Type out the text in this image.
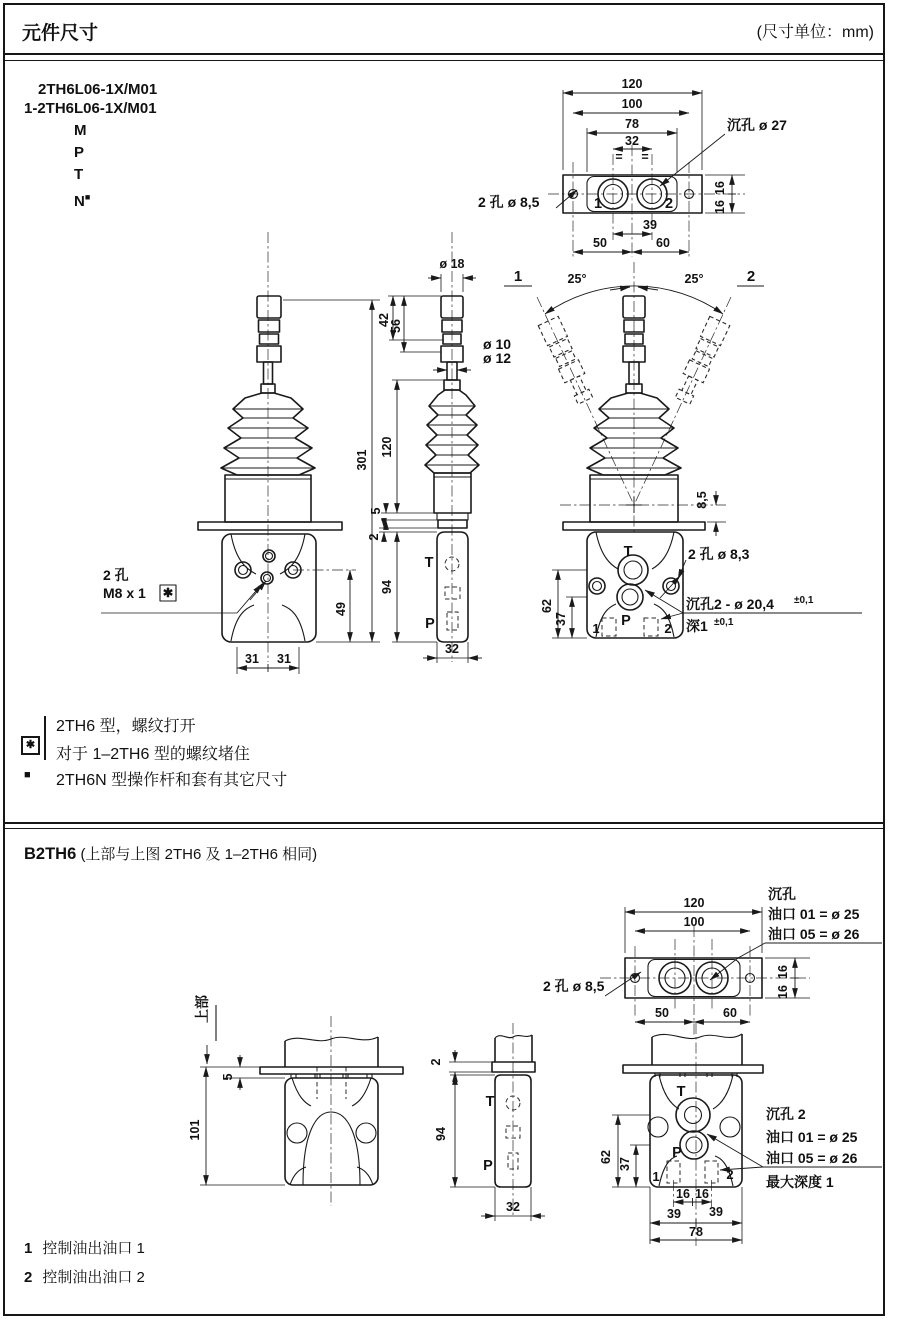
元件尺寸	(尺寸单位：mm)
2TH6L06-1X/M01
1-2TH6L06-1X/M01
M
P
T
N■
120
100
78
32
= =
39
50	60
16
16
沉孔 ø 27
2 孔 ø 8,5	1	2
2 孔
M8 x 1 ✱
49
31 31
301
ø 18
42
56
ø 10
ø 12
120
5
2
94
32
T
P
1	2
25°	25°
8,5
T
P
2 孔 ø 8,3
沉孔2 - ø 20,4 ±0,1
深1 ±0,1
62
37
1	2
✱
2TH6 型，螺纹打开
对于 1–2TH6 型的螺纹堵住
■ 2TH6N 型操作杆和套有其它尺寸
B2TH6 (上部与上图 2TH6 及 1–2TH6 相同)
120
100
50	60
16
16
2 孔 ø 8,5
沉孔
油口 01 = ø 25
油口 05 = ø 26
上部
5
101
2
94
32
T
P
T
P
1	2
62
37
16 16
39 39
78
沉孔 2
油口 01 = ø 25
油口 05 = ø 26
最大深度 1
1 控制油出油口 1
2 控制油出油口 2
